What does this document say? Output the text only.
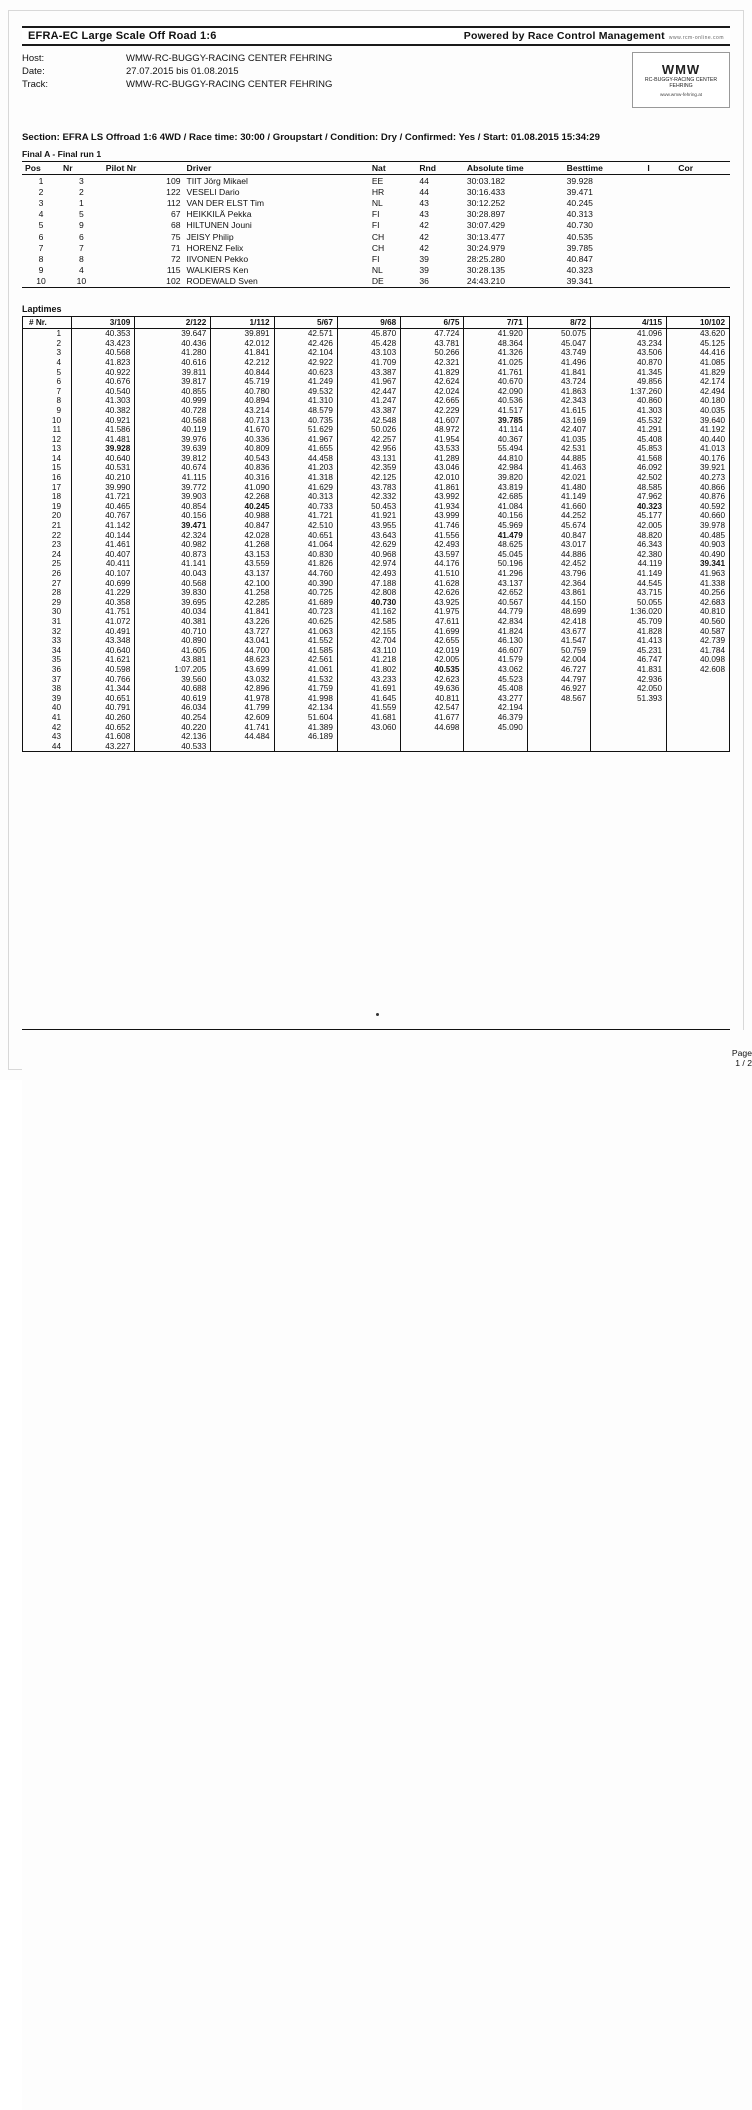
EFRA-EC Large Scale Off Road 1:6	Powered by Race Control Management www.rcm-online.com
Host:	WMW-RC-BUGGY-RACING CENTER FEHRING
Date:	27.07.2015 bis 01.08.2015
Track:	WMW-RC-BUGGY-RACING CENTER FEHRING
WMW
RC-BUGGY-RACING CENTER FEHRING
www.wmw-fehring.at
Section: EFRA LS Offroad 1:6 4WD / Race time: 30:00 / Groupstart / Condition: Dry / Confirmed: Yes / Start: 01.08.2015 15:34:29
Final A - Final run 1
Pos	Nr	Pilot Nr	Driver	Nat	Rnd	Absolute time	Besttime	I	Cor
1	3	109	TIIT Jörg Mikael	EE	44	30:03.182	39.928		
2	2	122	VESELI Dario	HR	44	30:16.433	39.471		
3	1	112	VAN DER ELST Tim	NL	43	30:12.252	40.245		
4	5	67	HEIKKILÄ Pekka	FI	43	30:28.897	40.313		
5	9	68	HILTUNEN Jouni	FI	42	30:07.429	40.730		
6	6	75	JEISY Philip	CH	42	30:13.477	40.535		
7	7	71	HORENZ Felix	CH	42	30:24.979	39.785		
8	8	72	IIVONEN Pekko	FI	39	28:25.280	40.847		
9	4	115	WALKIERS Ken	NL	39	30:28.135	40.323		
10	10	102	RODEWALD Sven	DE	36	24:43.210	39.341		
Laptimes
# Nr.	3/109	2/122	1/112	5/67	9/68	6/75	7/71	8/72	4/115	10/102
1	40.353	39.647	39.891	42.571	45.870	47.724	41.920	50.075	41.096	43.620
2	43.423	40.436	42.012	42.426	45.428	43.781	48.364	45.047	43.234	45.125
3	40.568	41.280	41.841	42.104	43.103	50.266	41.326	43.749	43.506	44.416
4	41.823	40.616	42.212	42.922	41.709	42.321	41.025	41.496	40.870	41.085
5	40.922	39.811	40.844	40.623	43.387	41.829	41.761	41.841	41.345	41.829
6	40.676	39.817	45.719	41.249	41.967	42.624	40.670	43.724	49.856	42.174
7	40.540	40.855	40.780	49.532	42.447	42.024	42.090	41.863	1:37.260	42.494
8	41.303	40.999	40.894	41.310	41.247	42.665	40.536	42.343	40.860	40.180
9	40.382	40.728	43.214	48.579	43.387	42.229	41.517	41.615	41.303	40.035
10	40.921	40.568	40.713	40.735	42.548	41.607	39.785	43.169	45.532	39.640
11	41.586	40.119	41.670	51.629	50.026	48.972	41.114	42.407	41.291	41.192
12	41.481	39.976	40.336	41.967	42.257	41.954	40.367	41.035	45.408	40.440
13	39.928	39.639	40.809	41.655	42.956	43.533	55.494	42.531	45.853	41.013
14	40.640	39.812	40.543	44.458	43.131	41.289	44.810	44.885	41.568	40.176
15	40.531	40.674	40.836	41.203	42.359	43.046	42.984	41.463	46.092	39.921
16	40.210	41.115	40.316	41.318	42.125	42.010	39.820	42.021	42.502	40.273
17	39.990	39.772	41.090	41.629	43.783	41.861	43.819	41.480	48.585	40.866
18	41.721	39.903	42.268	40.313	42.332	43.992	42.685	41.149	47.962	40.876
19	40.465	40.854	40.245	40.733	50.453	41.934	41.084	41.660	40.323	40.592
20	40.767	40.156	40.988	41.721	41.921	43.999	40.156	44.252	45.177	40.660
21	41.142	39.471	40.847	42.510	43.955	41.746	45.969	45.674	42.005	39.978
22	40.144	42.324	42.028	40.651	43.643	41.556	41.479	40.847	48.820	40.485
23	41.461	40.982	41.268	41.064	42.629	42.493	48.625	43.017	46.343	40.903
24	40.407	40.873	43.153	40.830	40.968	43.597	45.045	44.886	42.380	40.490
25	40.411	41.141	43.559	41.826	42.974	44.176	50.196	42.452	44.119	39.341
26	40.107	40.043	43.137	44.760	42.493	41.510	41.296	43.796	41.149	41.963
27	40.699	40.568	42.100	40.390	47.188	41.628	43.137	42.364	44.545	41.338
28	41.229	39.830	41.258	40.725	42.808	42.626	42.652	43.861	43.715	40.256
29	40.358	39.695	42.285	41.689	40.730	43.925	40.567	44.150	50.055	42.683
30	41.751	40.034	41.841	40.723	41.162	41.975	44.779	48.699	1:36.020	40.810
31	41.072	40.381	43.226	40.625	42.585	47.611	42.834	42.418	45.709	40.560
32	40.491	40.710	43.727	41.063	42.155	41.699	41.824	43.677	41.828	40.587
33	43.348	40.890	43.041	41.552	42.704	42.655	46.130	41.547	41.413	42.739
34	40.640	41.605	44.700	41.585	43.110	42.019	46.607	50.759	45.231	41.784
35	41.621	43.881	48.623	42.561	41.218	42.005	41.579	42.004	46.747	40.098
36	40.598	1:07.205	43.699	41.061	41.802	40.535	43.062	46.727	41.831	42.608
37	40.766	39.560	43.032	41.532	43.233	42.623	45.523	44.797	42.936	
38	41.344	40.688	42.896	41.759	41.691	49.636	45.408	46.927	42.050	
39	40.651	40.619	41.978	41.998	41.645	40.811	43.277	48.567	51.393	
40	40.791	46.034	41.799	42.134	41.559	42.547	42.194			
41	40.260	40.254	42.609	51.604	41.681	41.677	46.379			
42	40.652	40.220	41.741	41.389	43.060	44.698	45.090			
43	41.608	42.136	44.484	46.189						
44	43.227	40.533								
Page
1 / 2
